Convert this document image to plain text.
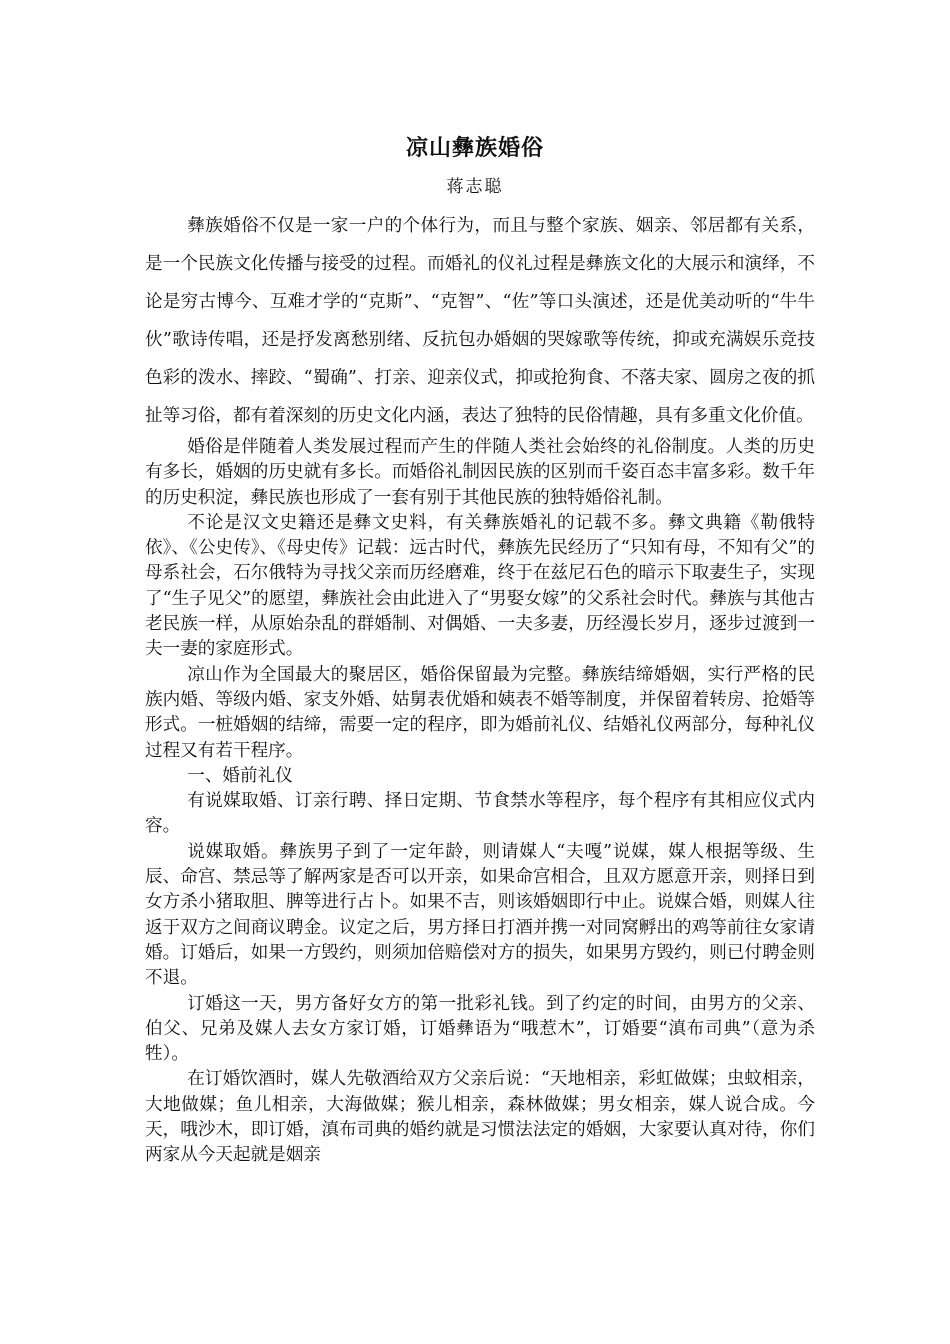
凉山彝族婚俗
蒋志聪

彝族婚俗不仅是一家一户的个体行为，而且与整个家族、姻亲、邻居都有关系，是一个民族文化传播与接受的过程。而婚礼的仪礼过程是彝族文化的大展示和演绎，不论是穷古博今、互难才学的“克斯”、“克智”、“佐”等口头演述，还是优美动听的“牛牛伙”歌诗传唱，还是抒发离愁别绪、反抗包办婚姻的哭嫁歌等传统，抑或充满娱乐竞技色彩的泼水、摔跤、“蜀确”、打亲、迎亲仪式，抑或抢狗食、不落夫家、圆房之夜的抓扯等习俗，都有着深刻的历史文化内涵，表达了独特的民俗情趣，具有多重文化价值。

婚俗是伴随着人类发展过程而产生的伴随人类社会始终的礼俗制度。人类的历史有多长，婚姻的历史就有多长。而婚俗礼制因民族的区别而千姿百态丰富多彩。数千年的历史积淀，彝民族也形成了一套有别于其他民族的独特婚俗礼制。

不论是汉文史籍还是彝文史料，有关彝族婚礼的记载不多。彝文典籍《勒俄特依》、《公史传》、《母史传》记载：远古时代，彝族先民经历了“只知有母，不知有父”的母系社会，石尔俄特为寻找父亲而历经磨难，终于在兹尼石色的暗示下取妻生子，实现了“生子见父”的愿望，彝族社会由此进入了“男娶女嫁”的父系社会时代。彝族与其他古老民族一样，从原始杂乱的群婚制、对偶婚、一夫多妻，历经漫长岁月，逐步过渡到一夫一妻的家庭形式。

凉山作为全国最大的聚居区，婚俗保留最为完整。彝族结缔婚姻，实行严格的民族内婚、等级内婚、家支外婚、姑舅表优婚和姨表不婚等制度，并保留着转房、抢婚等形式。一桩婚姻的结缔，需要一定的程序，即为婚前礼仪、结婚礼仪两部分，每种礼仪过程又有若干程序。

一、婚前礼仪

有说媒取婚、订亲行聘、择日定期、节食禁水等程序，每个程序有其相应仪式内容。

说媒取婚。彝族男子到了一定年龄，则请媒人“夫嘎”说媒，媒人根据等级、生辰、命宫、禁忌等了解两家是否可以开亲，如果命宫相合，且双方愿意开亲，则择日到女方杀小猪取胆、脾等进行占卜。如果不吉，则该婚姻即行中止。说媒合婚，则媒人往返于双方之间商议聘金。议定之后，男方择日打酒并携一对同窝孵出的鸡等前往女家请婚。订婚后，如果一方毁约，则须加倍赔偿对方的损失，如果男方毁约，则已付聘金则不退。

订婚这一天，男方备好女方的第一批彩礼钱。到了约定的时间，由男方的父亲、伯父、兄弟及媒人去女方家订婚，订婚彝语为“哦惹木”，订婚要“滇布司典”（意为杀牲）。

在订婚饮酒时，媒人先敬酒给双方父亲后说：“天地相亲，彩虹做媒；虫蚊相亲，大地做媒；鱼儿相亲，大海做媒；猴儿相亲，森林做媒；男女相亲，媒人说合成。今天，哦沙木，即订婚，滇布司典的婚约就是习惯法法定的婚姻，大家要认真对待，你们两家从今天起就是姻亲
